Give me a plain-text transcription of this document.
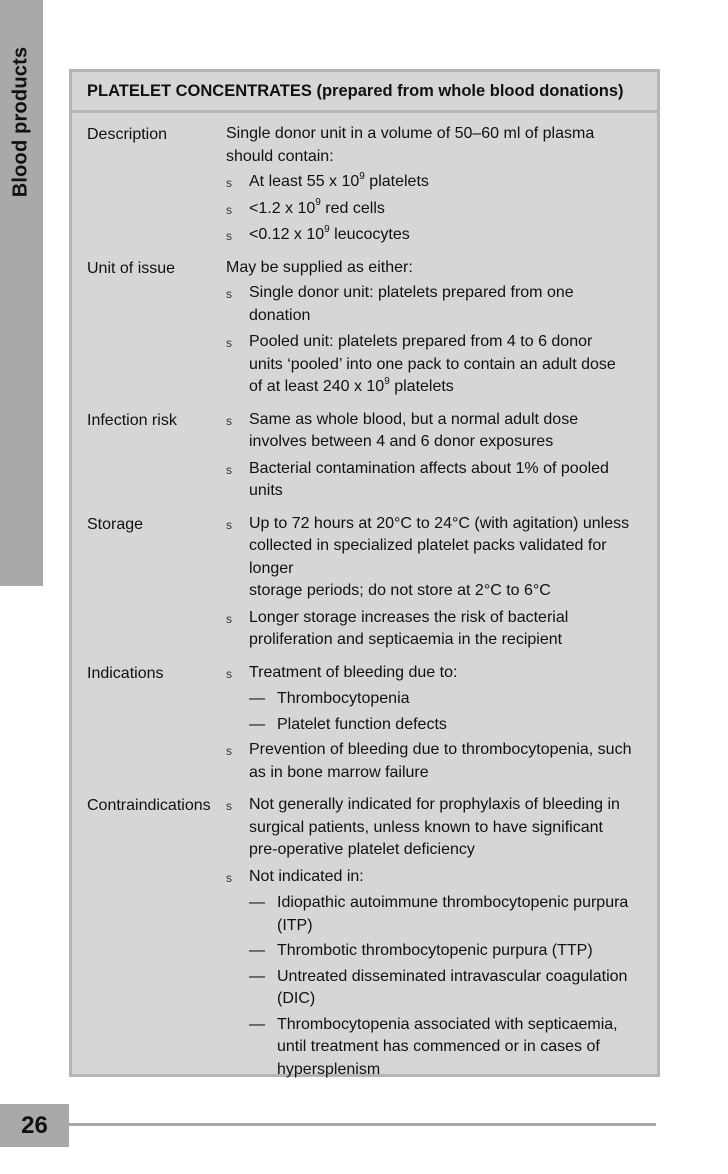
Blood products	PLATELET CONCENTRATES (prepared from whole blood donations)
Description	Single donor unit in a volume of 50–60 ml of plasma
should contain:
s At least 55 x $10^9$ platelets
s <1.2 x $10^9$ red cells
s <0.12 x $10^9$ leucocytes
Unit of issue	May be supplied as either:
s Single donor unit: platelets prepared from one
donation
s Pooled unit: platelets prepared from 4 to 6 donor
units ‘pooled’ into one pack to contain an adult dose
of at least 240 x $10^9$ platelets
Infection risk	s Same as whole blood, but a normal adult dose
involves between 4 and 6 donor exposures
s Bacterial contamination affects about 1% of pooled
units
Storage	s Up to 72 hours at 20°C to 24°C (with agitation) unless
collected in specialized platelet packs validated for longer
storage periods; do not store at 2°C to 6°C
s Longer storage increases the risk of bacterial
proliferation and septicaemia in the recipient
Indications	s Treatment of bleeding due to:
— Thrombocytopenia
— Platelet function defects
s Prevention of bleeding due to thrombocytopenia, such
as in bone marrow failure
Contraindications s Not generally indicated for prophylaxis of bleeding in
surgical patients, unless known to have significant
pre-operative platelet deficiency
s Not indicated in:
— Idiopathic autoimmune thrombocytopenic purpura
(ITP)
— Thrombotic thrombocytopenic purpura (TTP)
— Untreated disseminated intravascular coagulation
(DIC)
— Thrombocytopenia associated with septicaemia,
until treatment has commenced or in cases of
hypersplenism
26
